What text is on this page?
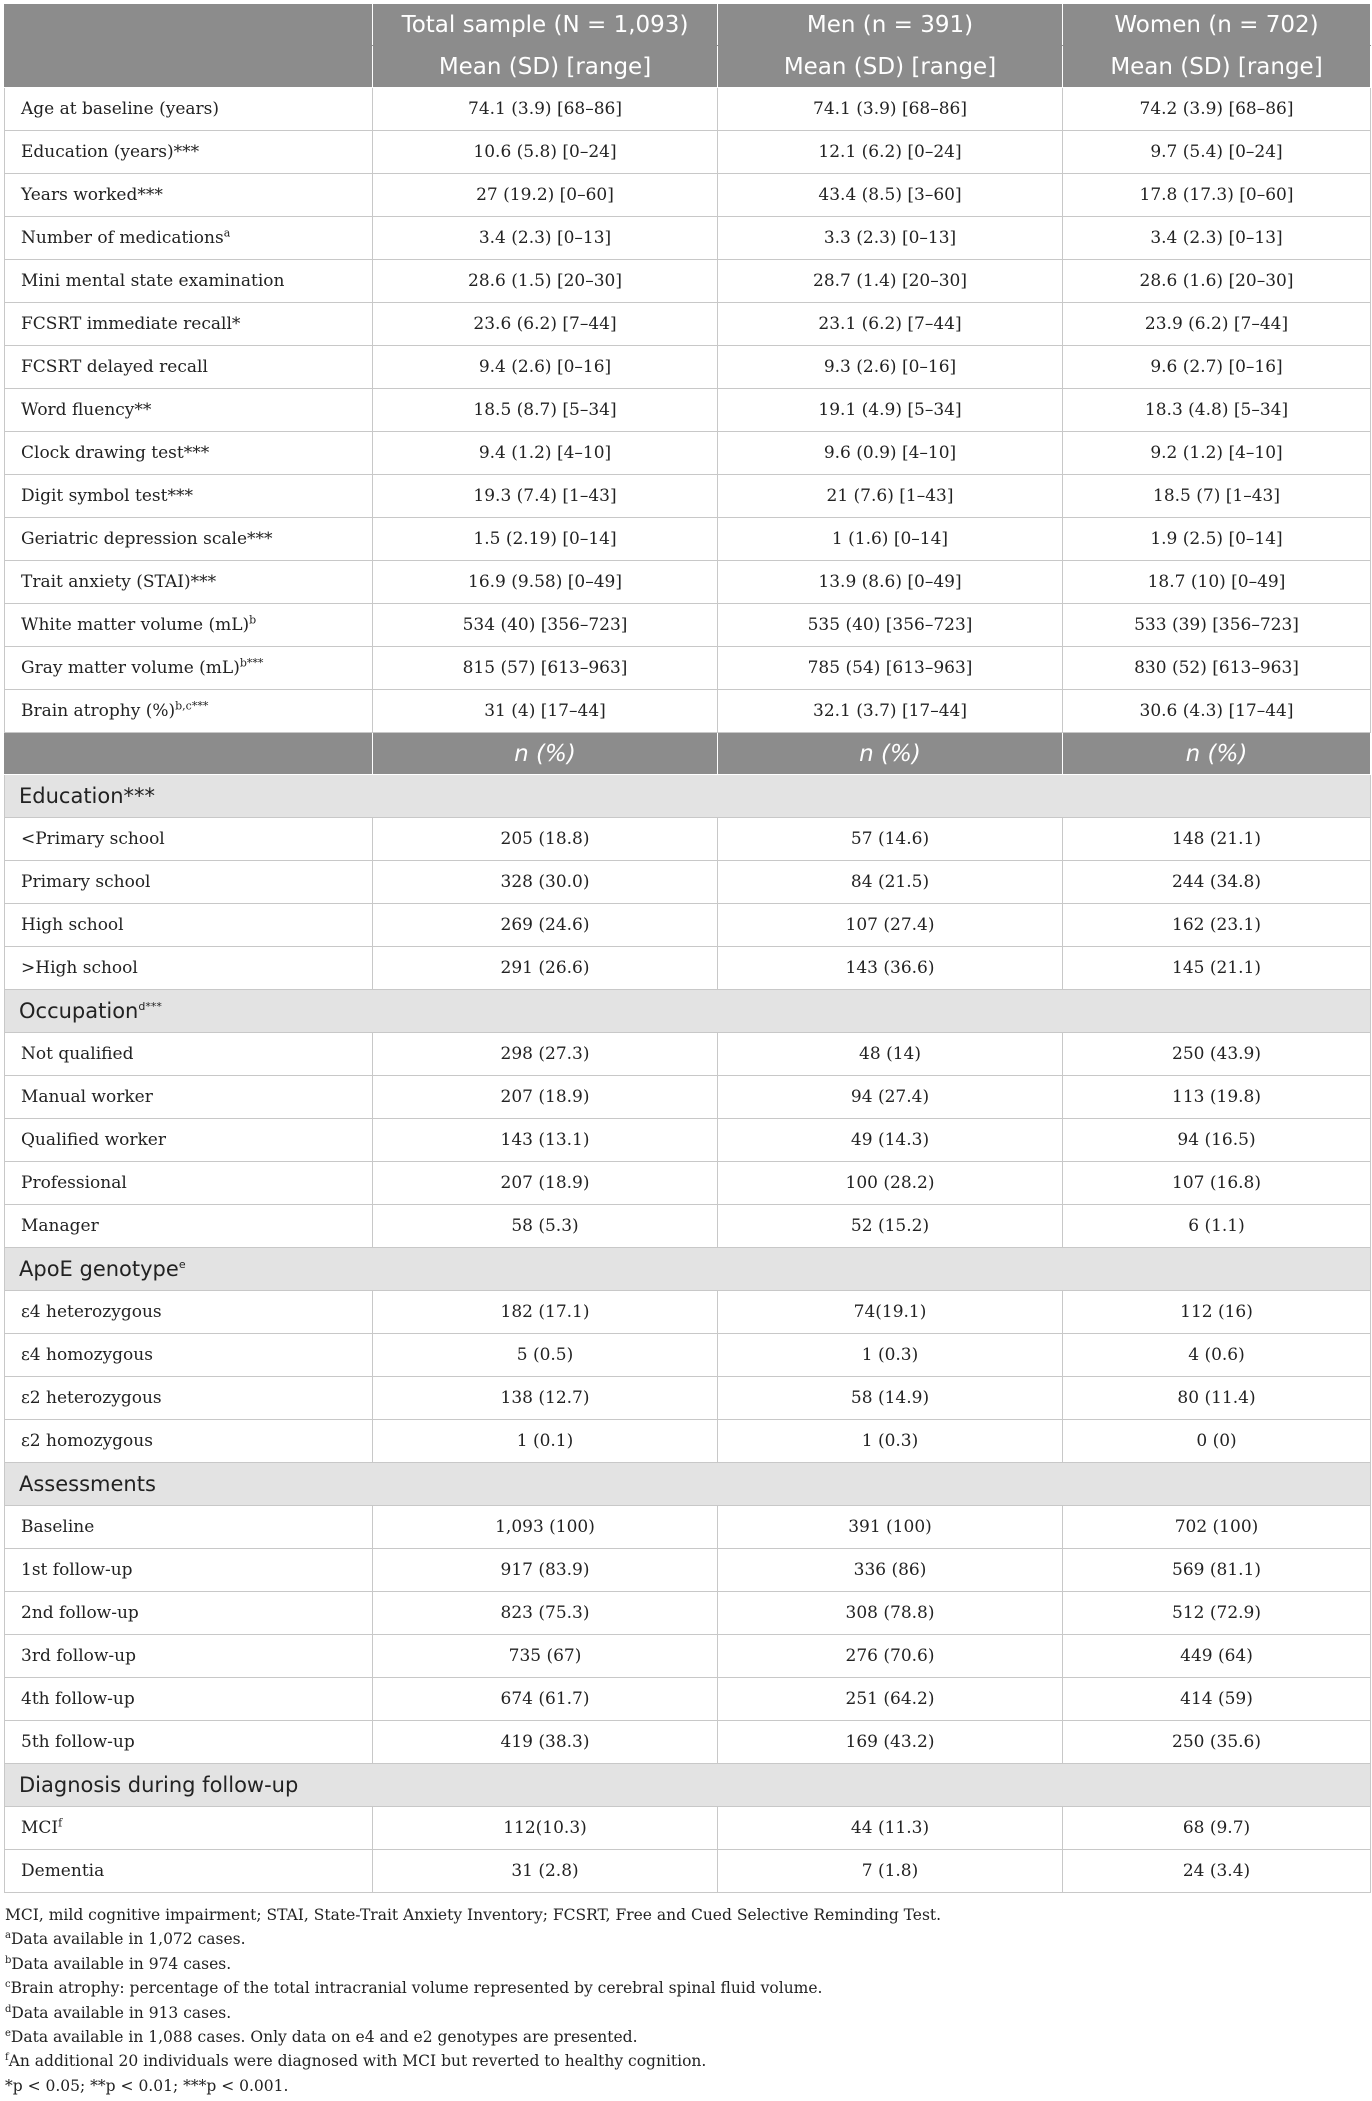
	Total sample (N = 1,093)	Men (n = 391)	Women (n = 702)
	Mean (SD) [range]	Mean (SD) [range]	Mean (SD) [range]
Age at baseline (years)	74.1 (3.9) [68–86]	74.1 (3.9) [68–86]	74.2 (3.9) [68–86]
Education (years)***	10.6 (5.8) [0–24]	12.1 (6.2) [0–24]	9.7 (5.4) [0–24]
Years worked***	27 (19.2) [0–60]	43.4 (8.5) [3–60]	17.8 (17.3) [0–60]
Number of medications$^a$	3.4 (2.3) [0–13]	3.3 (2.3) [0–13]	3.4 (2.3) [0–13]
Mini mental state examination	28.6 (1.5) [20–30]	28.7 (1.4) [20–30]	28.6 (1.6) [20–30]
FCSRT immediate recall*	23.6 (6.2) [7–44]	23.1 (6.2) [7–44]	23.9 (6.2) [7–44]
FCSRT delayed recall	9.4 (2.6) [0–16]	9.3 (2.6) [0–16]	9.6 (2.7) [0–16]
Word fluency**	18.5 (8.7) [5–34]	19.1 (4.9) [5–34]	18.3 (4.8) [5–34]
Clock drawing test***	9.4 (1.2) [4–10]	9.6 (0.9) [4–10]	9.2 (1.2) [4–10]
Digit symbol test***	19.3 (7.4) [1–43]	21 (7.6) [1–43]	18.5 (7) [1–43]
Geriatric depression scale***	1.5 (2.19) [0–14]	1 (1.6) [0–14]	1.9 (2.5) [0–14]
Trait anxiety (STAI)***	16.9 (9.58) [0–49]	13.9 (8.6) [0–49]	18.7 (10) [0–49]
White matter volume (mL)$^b$	534 (40) [356–723]	535 (40) [356–723]	533 (39) [356–723]
Gray matter volume (mL)$^{b***}$	815 (57) [613–963]	785 (54) [613–963]	830 (52) [613–963]
Brain atrophy (%)$^{b,c***}$	31 (4) [17–44]	32.1 (3.7) [17–44]	30.6 (4.3) [17–44]
	n (%)	n (%)	n (%)
Education***			
<Primary school	205 (18.8)	57 (14.6)	148 (21.1)
Primary school	328 (30.0)	84 (21.5)	244 (34.8)
High school	269 (24.6)	107 (27.4)	162 (23.1)
>High school	291 (26.6)	143 (36.6)	145 (21.1)
Occupation$^{d***}$
Not qualified	298 (27.3)	48 (14)	250 (43.9)
Manual worker	207 (18.9)	94 (27.4)	113 (19.8)
Qualified worker	143 (13.1)	49 (14.3)	94 (16.5)
Professional	207 (18.9)	100 (28.2)	107 (16.8)
Manager	58 (5.3)	52 (15.2)	6 (1.1)
ApoE genotype$^e$
ε4 heterozygous	182 (17.1)	74(19.1)	112 (16)
ε4 homozygous	5 (0.5)	1 (0.3)	4 (0.6)
ε2 heterozygous	138 (12.7)	58 (14.9)	80 (11.4)
ε2 homozygous	1 (0.1)	1 (0.3)	0 (0)
Assessments			
Baseline	1,093 (100)	391 (100)	702 (100)
1st follow-up	917 (83.9)	336 (86)	569 (81.1)
2nd follow-up	823 (75.3)	308 (78.8)	512 (72.9)
3rd follow-up	735 (67)	276 (70.6)	449 (64)
4th follow-up	674 (61.7)	251 (64.2)	414 (59)
5th follow-up	419 (38.3)	169 (43.2)	250 (35.6)
Diagnosis during follow-up			
MCI$^f$	112(10.3)	44 (11.3)	68 (9.7)
Dementia	31 (2.8)	7 (1.8)	24 (3.4)
MCI, mild cognitive impairment; STAI, State-Trait Anxiety Inventory; FCSRT, Free and Cued Selective Reminding Test.
$^a$Data available in 1,072 cases.
$^b$Data available in 974 cases.
$^c$Brain atrophy: percentage of the total intracranial volume represented by cerebral spinal fluid volume.
$^d$Data available in 913 cases.
$^e$Data available in 1,088 cases. Only data on e4 and e2 genotypes are presented.
$^f$An additional 20 individuals were diagnosed with MCI but reverted to healthy cognition.
*p < 0.05; **p < 0.01; ***p < 0.001.
